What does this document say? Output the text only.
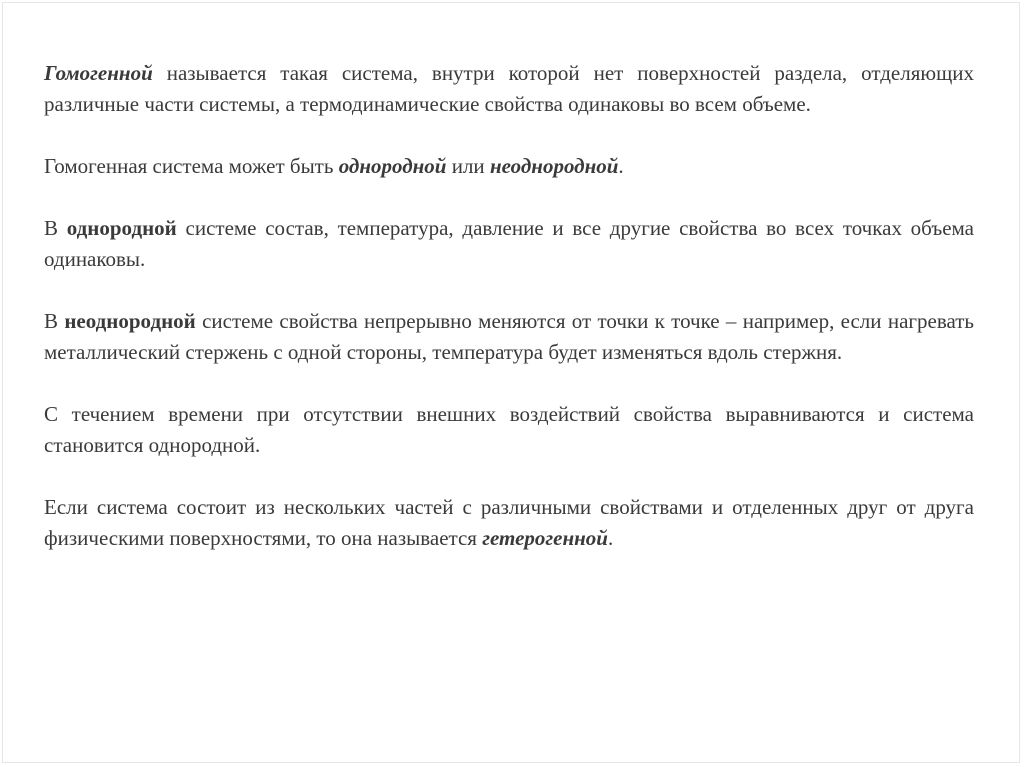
Гомогенной называется такая система, внутри которой нет поверхностей раздела, отделяющих различные части системы, а термодинамические свойства одинаковы во всем объеме.

Гомогенная система может быть однородной или неоднородной.

В однородной системе состав, температура, давление и все другие свойства во всех точках объема одинаковы.

В неоднородной системе свойства непрерывно меняются от точки к точке – например, если нагревать металлический стержень с одной стороны, температура будет изменяться вдоль стержня.

С течением времени при отсутствии внешних воздействий свойства выравниваются и система становится однородной.

Если система состоит из нескольких частей с различными свойствами и отделенных друг от друга физическими поверхностями, то она называется гетерогенной.
